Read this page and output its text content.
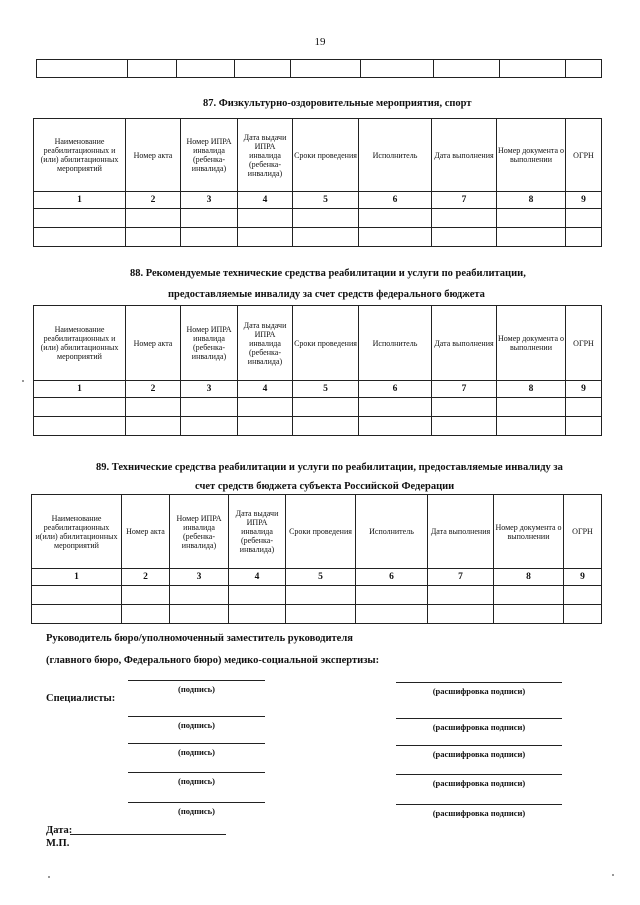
19

87. Физкультурно-оздоровительные мероприятия, спорт
Наименование реабилитационных и (или) абилитационных мероприятий	Номер акта	Номер ИПРА инвалида (ребенка-инвалида)	Дата выдачи ИПРА инвалида (ребенка-инвалида)	Сроки проведения	Исполнитель	Дата выполнения	Номер документа о выполнении	ОГРН
1	2	3	4	5	6	7	8	9

88. Рекомендуемые технические средства реабилитации и услуги по реабилитации,
предоставляемые инвалиду за счет средств федерального бюджета
Наименование реабилитационных и (или) абилитационных мероприятий	Номер акта	Номер ИПРА инвалида (ребенка-инвалида)	Дата выдачи ИПРА инвалида (ребенка-инвалида)	Сроки проведения	Исполнитель	Дата выполнения	Номер документа о выполнении	ОГРН
1	2	3	4	5	6	7	8	9

89. Технические средства реабилитации и услуги по реабилитации, предоставляемые инвалиду за
счет средств бюджета субъекта Российской Федерации
Наименование реабилитационных и(или) абилитационных мероприятий	Номер акта	Номер ИПРА инвалида (ребенка-инвалида)	Дата выдачи ИПРА инвалида (ребенка-инвалида)	Сроки проведения	Исполнитель	Дата выполнения	Номер документа о выполнении	ОГРН
1	2	3	4	5	6	7	8	9

Руководитель бюро/уполномоченный заместитель руководителя
(главного бюро, Федерального бюро) медико-социальной экспертизы:
(подпись)	(расшифровка подписи)
Специалисты:
(подпись)	(расшифровка подписи)
(подпись)	(расшифровка подписи)
(подпись)	(расшифровка подписи)
(подпись)	(расшифровка подписи)
Дата:
М.П.
